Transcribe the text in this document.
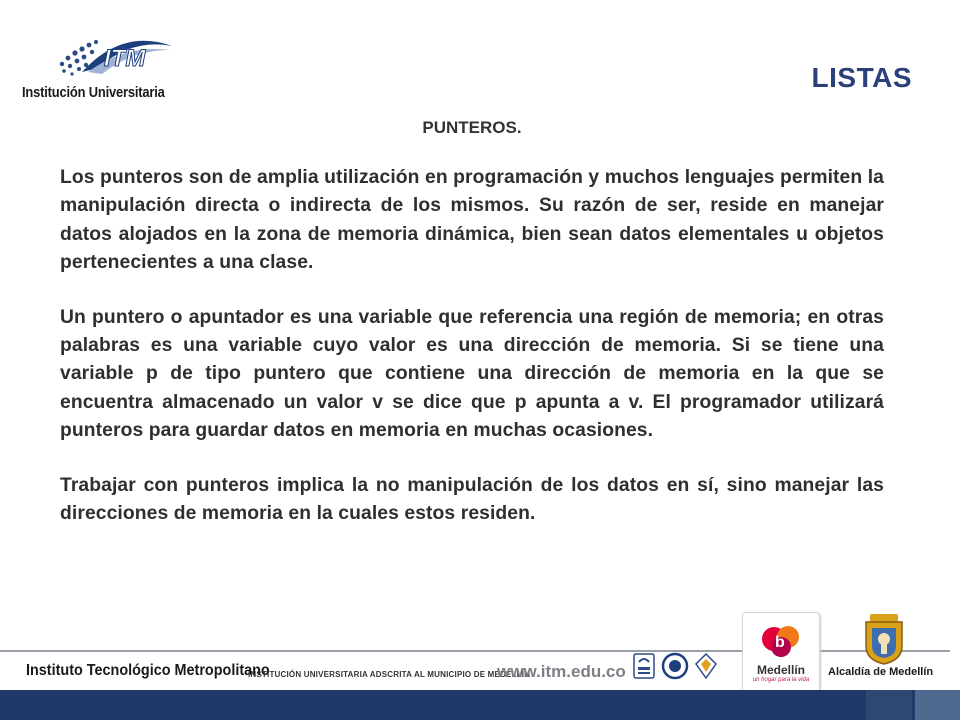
ITM
Institución Universitaria	LISTAS
PUNTEROS.

Los punteros son de amplia utilización en programación y muchos lenguajes permiten la manipulación directa o indirecta de los mismos. Su razón de ser, reside en manejar datos alojados en la zona de memoria dinámica, bien sean datos elementales u objetos pertenecientes a una clase.

Un puntero o apuntador es una variable que referencia una región de memoria; en otras palabras es una variable cuyo valor es una dirección de memoria. Si se tiene una variable p de tipo puntero que contiene una dirección de memoria en la que se encuentra almacenado un valor v se dice que p apunta a v. El programador utilizará punteros para guardar datos en memoria en muchas ocasiones.

Trabajar con punteros implica la no manipulación de los datos en sí, sino manejar las direcciones de memoria en la cuales estos residen.

Instituto Tecnológico Metropolitano
INSTITUCIÓN UNIVERSITARIA ADSCRITA AL MUNICIPIO DE MEDELLÍN
www.itm.edu.co
b
Medellín
un hogar para la vida
Alcaldía de Medellín
